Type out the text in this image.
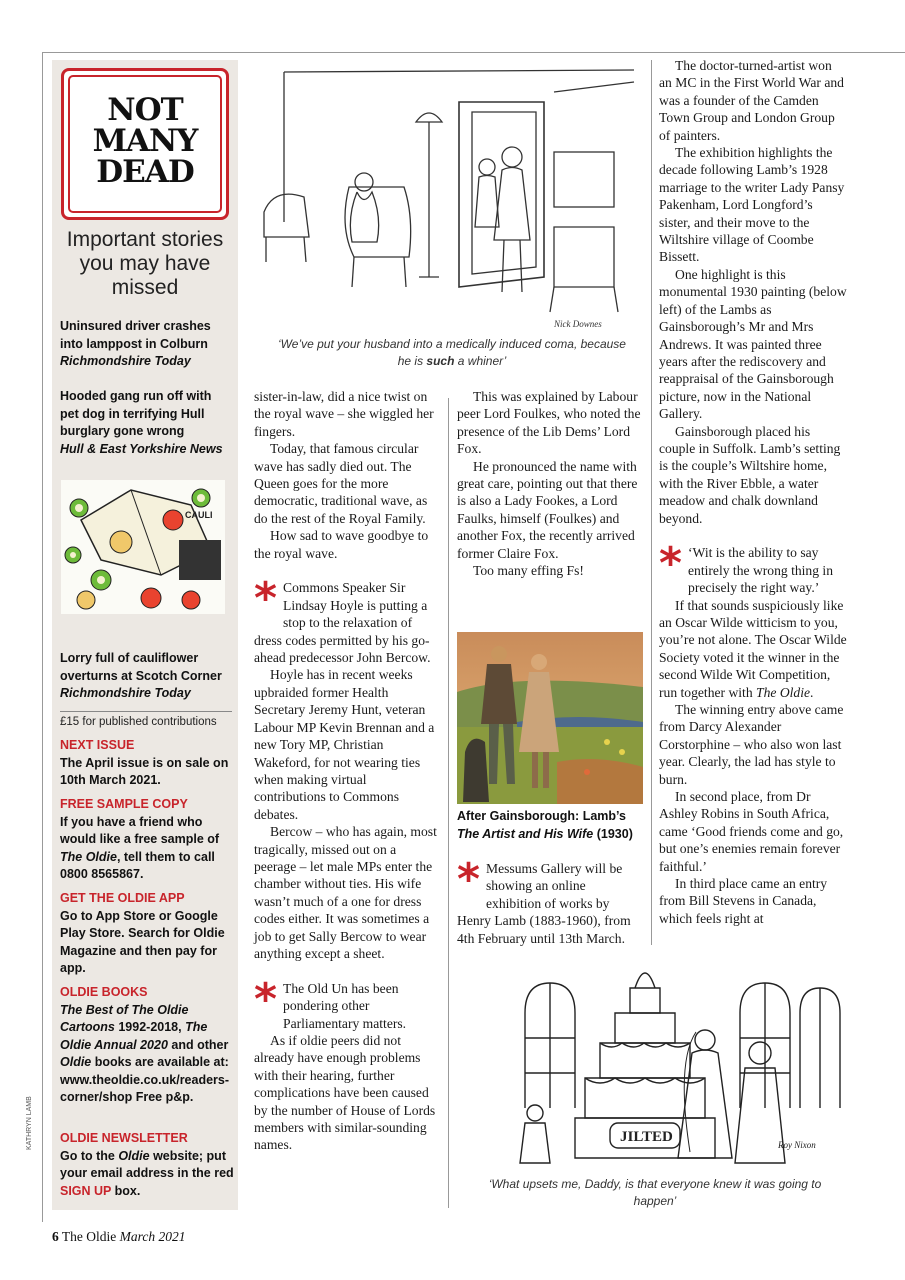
NOT
MANY
DEAD
Important stories you may have missed
Uninsured driver crashes into lamppost in Colburn
Richmondshire Today
Hooded gang run off with pet dog in terrifying Hull burglary gone wrong
Hull & East Yorkshire News
CAULI
Lorry full of cauliflower overturns at Scotch Corner
Richmondshire Today
£15 for published contributions
NEXT ISSUE
The April issue is on sale on 10th March 2021.
FREE SAMPLE COPY
If you have a friend who would like a free sample of The Oldie, tell them to call 0800 8565867.
GET THE OLDIE APP
Go to App Store or Google Play Store. Search for Oldie Magazine and then pay for app.
OLDIE BOOKS
The Best of The Oldie Cartoons 1992-2018, The Oldie Annual 2020 and other Oldie books are available at: www.theoldie.co.uk/readers-corner/shop Free p&p.
OLDIE NEWSLETTER
Go to the Oldie website; put your email address in the red SIGN UP box.
KATHRYN LAMB
Nick Downes
‘We’ve put your husband into a medically induced coma, because he is such a whiner’

sister-in-law, did a nice twist on the royal wave – she wiggled her fingers.

Today, that famous circular wave has sadly died out. The Queen goes for the more democratic, traditional wave, as do the rest of the Royal Family.

How sad to wave goodbye to the royal wave.

* Commons Speaker Sir Lindsay Hoyle is putting a stop to the relaxation of dress codes permitted by his go-ahead predecessor John Bercow.

Hoyle has in recent weeks upbraided former Health Secretary Jeremy Hunt, veteran Labour MP Kevin Brennan and a new Tory MP, Christian Wakeford, for not wearing ties when making virtual contributions to Commons debates.

Bercow – who has again, most tragically, missed out on a peerage – let male MPs enter the chamber without ties. His wife wasn’t much of a one for dress codes either. It was sometimes a job to get Sally Bercow to wear anything except a sheet.

* The Old Un has been pondering other Parliamentary matters.

As if oldie peers did not already have enough problems with their hearing, further complications have been caused by the number of House of Lords members with similar-sounding names.

This was explained by Labour peer Lord Foulkes, who noted the presence of the Lib Dems’ Lord Fox.

He pronounced the name with great care, pointing out that there is also a Lady Fookes, a Lord Faulks, himself (Foulkes) and another Fox, the recently arrived former Claire Fox.

Too many effing Fs!

After Gainsborough: Lamb’s The Artist and His Wife (1930)

* Messums Gallery will be showing an online exhibition of works by Henry Lamb (1883-1960), from 4th February until 13th March.

The doctor-turned-artist won an MC in the First World War and was a founder of the Camden Town Group and London Group of painters.

The exhibition highlights the decade following Lamb’s 1928 marriage to the writer Lady Pansy Pakenham, Lord Longford’s sister, and their move to the Wiltshire village of Coombe Bissett.

One highlight is this monumental 1930 painting (below left) of the Lambs as Gainsborough’s Mr and Mrs Andrews. It was painted three years after the rediscovery and reappraisal of the Gainsborough picture, now in the National Gallery.

Gainsborough placed his couple in Suffolk. Lamb’s setting is the couple’s Wiltshire home, with the River Ebble, a water meadow and chalk downland beyond.

* ‘Wit is the ability to say entirely the wrong thing in precisely the right way.’

If that sounds suspiciously like an Oscar Wilde witticism to you, you’re not alone. The Oscar Wilde Society voted it the winner in the second Wilde Wit Competition, run together with The Oldie.

The winning entry above came from Darcy Alexander Corstorphine – who also won last year. Clearly, the lad has style to burn.

In second place, from Dr Ashley Robins in South Africa, came ‘Good friends come and go, but one’s enemies remain forever faithful.’

In third place came an entry from Bill Stevens in Canada, which feels right at

JILTED	Roy Nixon
‘What upsets me, Daddy, is that everyone knew it was going to happen’
6 The Oldie March 2021
